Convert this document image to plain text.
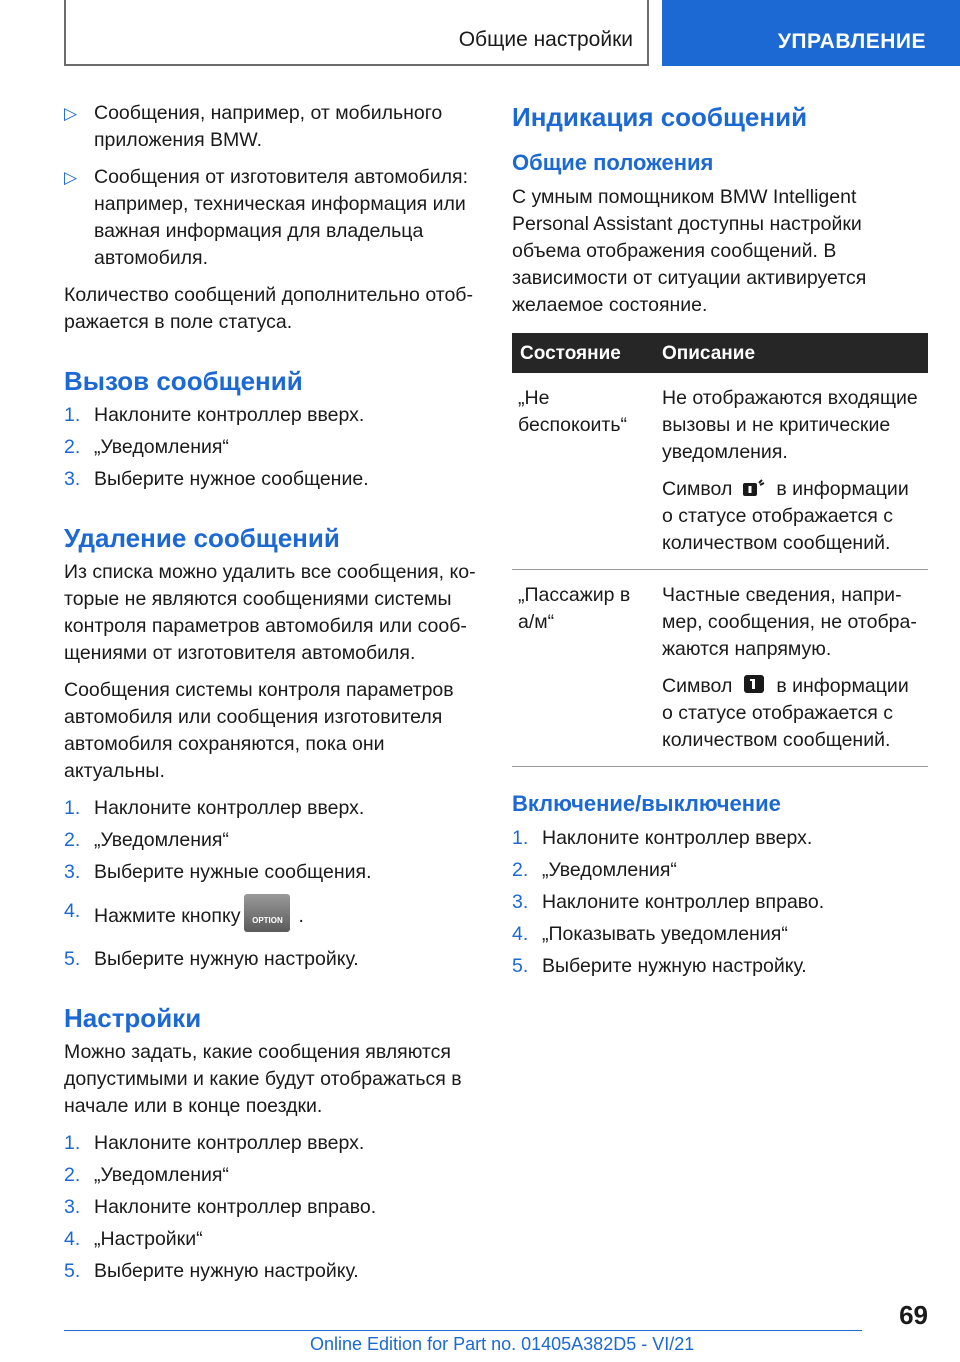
Общие настройки	УПРАВЛЕНИЕ
▷ Сообщения, например, от мобильного приложения BMW.
▷ Сообщения от изготовителя автомобиля: например, техническая информация или важная информация для владельца автомобиля.

Количество сообщений дополнительно отображается в поле статуса.

Вызов сообщений
1. Наклоните контроллер вверх.
2. „Уведомления“
3. Выберите нужное сообщение.
Удаление сообщений

Из списка можно удалить все сообщения, которые не являются сообщениями системы контроля параметров автомобиля или сообщениями от изготовителя автомобиля.

Сообщения системы контроля параметров автомобиля или сообщения изготовителя автомобиля сохраняются, пока они актуальны.

1. Наклоните контроллер вверх.
2. „Уведомления“
3. Выберите нужные сообщения.
4. Нажмите кнопку	OPTION .
5. Выберите нужную настройку.
Настройки

Можно задать, какие сообщения являются допустимыми и какие будут отображаться в начале или в конце поездки.

1. Наклоните контроллер вверх.
2. „Уведомления“
3. Наклоните контроллер вправо.
4. „Настройки“
5. Выберите нужную настройку.
Индикация сообщений
Общие положения

С умным помощником BMW Intelligent Personal Assistant доступны настройки объема отображения сообщений. В зависимости от ситуации активируется желаемое состояние.

Состояние	Описание
„Не беспокоить“	Не отображаются входящие вызовы и не критические уведомления.

Символ в информации о статусе отображается с количеством сообщений.

„Пассажир в а/м“	Частные сведения, например, сообщения, не отображаются напрямую.

Символ в информации о статусе отображается с количеством сообщений.

Включение/выключение
1. Наклоните контроллер вверх.
2. „Уведомления“
3. Наклоните контроллер вправо.
4. „Показывать уведомления“
5. Выберите нужную настройку.
69
Online Edition for Part no. 01405A382D5 - VI/21
